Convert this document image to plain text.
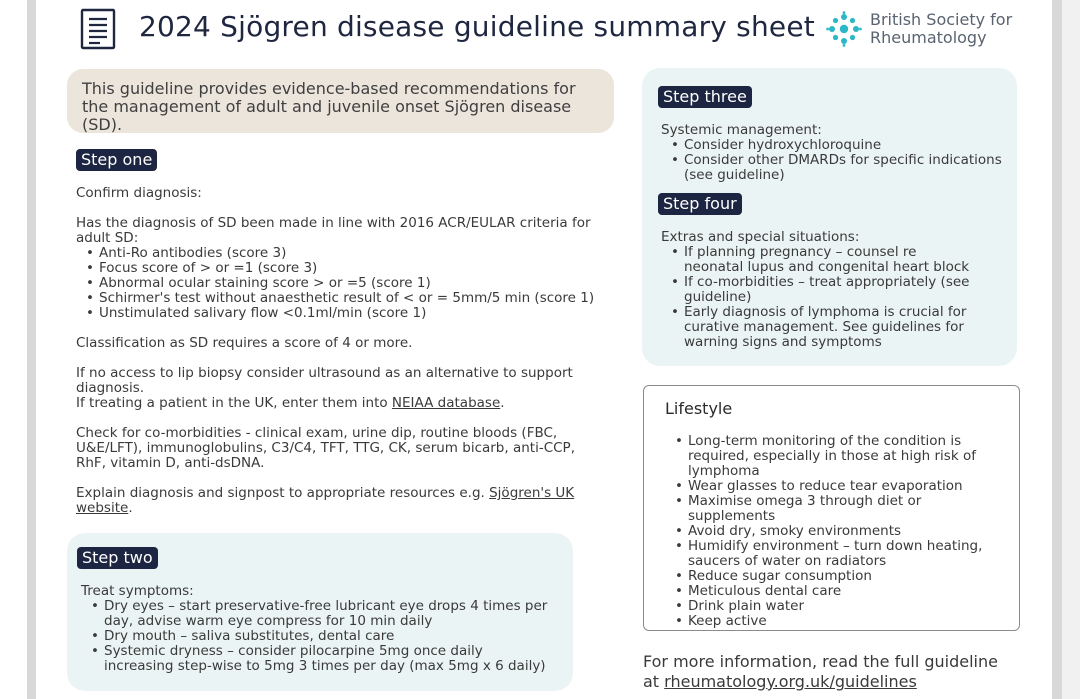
2024 Sjögren disease guideline summary sheet	British Society for
Rheumatology
This guideline provides evidence-based recommendations for the management of adult and juvenile onset Sjögren disease (SD).
Step one

Confirm diagnosis:

Has the diagnosis of SD been made in line with 2016 ACR/EULAR criteria for adult SD:

• Anti-Ro antibodies (score 3)
• Focus score of > or =1 (score 3)
• Abnormal ocular staining score > or =5 (score 1)
• Schirmer's test without anaesthetic result of < or = 5mm/5 min (score 1)
• Unstimulated salivary flow <0.1ml/min (score 1)

Classification as SD requires a score of 4 or more.

If no access to lip biopsy consider ultrasound as an alternative to support diagnosis.

If treating a patient in the UK, enter them into NEIAA database.

Check for co-morbidities - clinical exam, urine dip, routine bloods (FBC, U&E/LFT), immunoglobulins, C3/C4, TFT, TTG, CK, serum bicarb, anti-CCP, RhF, vitamin D, anti-dsDNA.

Explain diagnosis and signpost to appropriate resources e.g. Sjögren's UK website.

Step two

Treat symptoms:

• Dry eyes – start preservative-free lubricant eye drops 4 times per day, advise warm eye compress for 10 min daily
• Dry mouth – saliva substitutes, dental care
• Systemic dryness – consider pilocarpine 5mg once daily increasing step-wise to 5mg 3 times per day (max 5mg x 6 daily)
Step three

Systemic management:

• Consider hydroxychloroquine
• Consider other DMARDs for specific indications (see guideline)
Step four

Extras and special situations:

• If planning pregnancy – counsel re neonatal lupus and congenital heart block
• If co-morbidities – treat appropriately (see guideline)
• Early diagnosis of lymphoma is crucial for curative management. See guidelines for warning signs and symptoms
Lifestyle
• Long-term monitoring of the condition is required, especially in those at high risk of lymphoma
• Wear glasses to reduce tear evaporation
• Maximise omega 3 through diet or supplements
• Avoid dry, smoky environments
• Humidify environment – turn down heating, saucers of water on radiators
• Reduce sugar consumption
• Meticulous dental care
• Drink plain water
• Keep active
For more information, read the full guideline
at rheumatology.org.uk/guidelines
